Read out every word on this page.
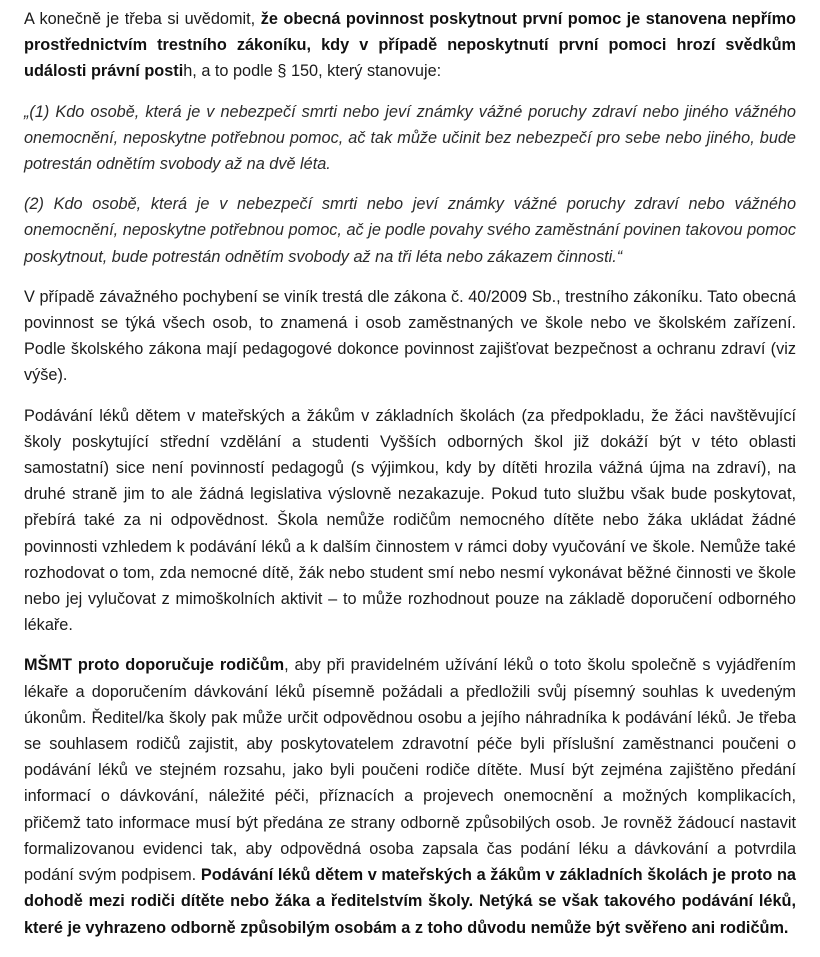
A konečně je třeba si uvědomit, že obecná povinnost poskytnout první pomoc je stanovena nepřímo prostřednictvím trestního zákoníku, kdy v případě neposkytnutí první pomoci hrozí svědkům události právní postih, a to podle § 150, který stanovuje:

„(1) Kdo osobě, která je v nebezpečí smrti nebo jeví známky vážné poruchy zdraví nebo jiného vážného onemocnění, neposkytne potřebnou pomoc, ač tak může učinit bez nebezpečí pro sebe nebo jiného, bude potrestán odnětím svobody až na dvě léta.

(2) Kdo osobě, která je v nebezpečí smrti nebo jeví známky vážné poruchy zdraví nebo vážného onemocnění, neposkytne potřebnou pomoc, ač je podle povahy svého zaměstnání povinen takovou pomoc poskytnout, bude potrestán odnětím svobody až na tři léta nebo zákazem činnosti.“

V případě závažného pochybení se viník trestá dle zákona č. 40/2009 Sb., trestního zákoníku. Tato obecná povinnost se týká všech osob, to znamená i osob zaměstnaných ve škole nebo ve školském zařízení. Podle školského zákona mají pedagogové dokonce povinnost zajišťovat bezpečnost a ochranu zdraví (viz výše).

Podávání léků dětem v mateřských a žákům v základních školách (za předpokladu, že žáci navštěvující školy poskytující střední vzdělání a studenti Vyšších odborných škol již dokáží být v této oblasti samostatní) sice není povinností pedagogů (s výjimkou, kdy by dítěti hrozila vážná újma na zdraví), na druhé straně jim to ale žádná legislativa výslovně nezakazuje. Pokud tuto službu však bude poskytovat, přebírá také za ni odpovědnost. Škola nemůže rodičům nemocného dítěte nebo žáka ukládat žádné povinnosti vzhledem k podávání léků a k dalším činnostem v rámci doby vyučování ve škole. Nemůže také rozhodovat o tom, zda nemocné dítě, žák nebo student smí nebo nesmí vykonávat běžné činnosti ve škole nebo jej vylučovat z mimoškolních aktivit – to může rozhodnout pouze na základě doporučení odborného lékaře.

MŠMT proto doporučuje rodičům, aby při pravidelném užívání léků o toto školu společně s vyjádřením lékaře a doporučením dávkování léků písemně požádali a předložili svůj písemný souhlas k uvedeným úkonům. Ředitel/ka školy pak může určit odpovědnou osobu a jejího náhradníka k podávání léků. Je třeba se souhlasem rodičů zajistit, aby poskytovatelem zdravotní péče byli příslušní zaměstnanci poučeni o podávání léků ve stejném rozsahu, jako byli poučeni rodiče dítěte. Musí být zejména zajištěno předání informací o dávkování, náležité péči, příznacích a projevech onemocnění a možných komplikacích, přičemž tato informace musí být předána ze strany odborně způsobilých osob. Je rovněž žádoucí nastavit formalizovanou evidenci tak, aby odpovědná osoba zapsala čas podání léku a dávkování a potvrdila podání svým podpisem. Podávání léků dětem v mateřských a žákům v základních školách je proto na dohodě mezi rodiči dítěte nebo žáka a ředitelstvím školy. Netýká se však takového podávání léků, které je vyhrazeno odborně způsobilým osobám a z toho důvodu nemůže být svěřeno ani rodičům.
